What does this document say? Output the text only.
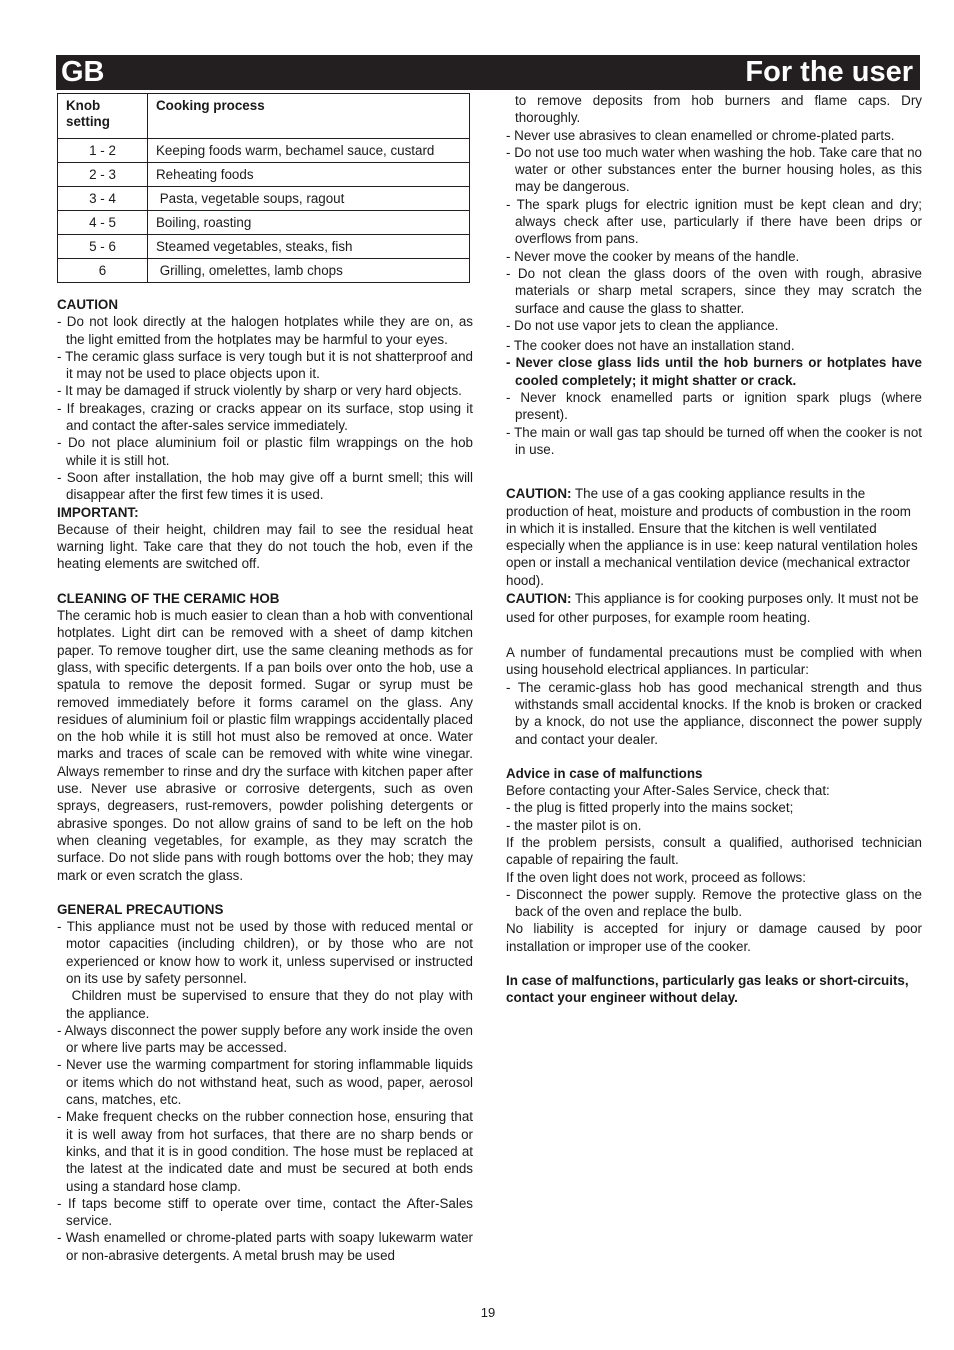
GB	For the user
Knob
setting	Cooking process
1 - 2	Keeping foods warm, bechamel sauce, custard
2 - 3	Reheating foods
3 - 4	Pasta, vegetable soups, ragout
4 - 5	Boiling, roasting
5 - 6	Steamed vegetables, steaks, fish
6	Grilling, omelettes, lamb chops

CAUTION

- Do not look directly at the halogen hotplates while they are on, as the light emitted from the hotplates may be harmful to your eyes.

- The ceramic glass surface is very tough but it is not shatterproof and it may not be used to place objects upon it.

- It may be damaged if struck violently by sharp or very hard objects.

- If breakages, crazing or cracks appear on its surface, stop using it and contact the after-sales service immediately.

- Do not place aluminium foil or plastic film wrappings on the hob while it is still hot.

- Soon after installation, the hob may give off a burnt smell; this will disappear after the first few times it is used.

IMPORTANT:

Because of their height, children may fail to see the residual heat warning light. Take care that they do not touch the hob, even if the heating elements are switched off.

CLEANING OF THE CERAMIC HOB

The ceramic hob is much easier to clean than a hob with conventional hotplates. Light dirt can be removed with a sheet of damp kitchen paper. To remove tougher dirt, use the same cleaning methods as for glass, with specific detergents. If a pan boils over onto the hob, use a spatula to remove the deposit formed. Sugar or syrup must be removed immediately before it forms caramel on the glass. Any residues of aluminium foil or plastic film wrappings accidentally placed on the hob while it is still hot must also be removed at once. Water marks and traces of scale can be removed with white wine vinegar. Always remember to rinse and dry the surface with kitchen paper after use. Never use abrasive or corrosive detergents, such as oven sprays, degreasers, rust-removers, powder polishing detergents or abrasive sponges. Do not allow grains of sand to be left on the hob when cleaning vegetables, for example, as they may scratch the surface. Do not slide pans with rough bottoms over the hob; they may mark or even scratch the glass.

GENERAL PRECAUTIONS

- This appliance must not be used by those with reduced mental or motor capacities (including children), or by those who are not experienced or know how to work it, unless supervised or instructed on its use by safety personnel.

Children must be supervised to ensure that they do not play with the appliance.

- Always disconnect the power supply before any work inside the oven or where live parts may be accessed.

- Never use the warming compartment for storing inflammable liquids or items which do not withstand heat, such as wood, paper, aerosol cans, matches, etc.

- Make frequent checks on the rubber connection hose, ensuring that it is well away from hot surfaces, that there are no sharp bends or kinks, and that it is in good condition. The hose must be replaced at the latest at the indicated date and must be secured at both ends using a standard hose clamp.

- If taps become stiff to operate over time, contact the After-Sales service.

- Wash enamelled or chrome-plated parts with soapy lukewarm water or non-abrasive detergents. A metal brush may be used

to remove deposits from hob burners and flame caps. Dry thoroughly.

- Never use abrasives to clean enamelled or chrome-plated parts.

- Do not use too much water when washing the hob. Take care that no water or other substances enter the burner housing holes, as this may be dangerous.

- The spark plugs for electric ignition must be kept clean and dry; always check after use, particularly if there have been drips or overflows from pans.

- Never move the cooker by means of the handle.

- Do not clean the glass doors of the oven with rough, abrasive materials or sharp metal scrapers, since they may scratch the surface and cause the glass to shatter.

- Do not use vapor jets to clean the appliance.

- The cooker does not have an installation stand.

- Never close glass lids until the hob burners or hotplates have cooled completely; it might shatter or crack.

- Never knock enamelled parts or ignition spark plugs (where present).

- The main or wall gas tap should be turned off when the cooker is not in use.

CAUTION: The use of a gas cooking appliance results in the production of heat, moisture and products of combustion in the room in which it is installed. Ensure that the kitchen is well ventilated especially when the appliance is in use: keep natural ventilation holes open or install a mechanical ventilation device (mechanical extractor hood).

CAUTION: This appliance is for cooking purposes only. It must not be used for other purposes, for example room heating.

A number of fundamental precautions must be complied with when using household electrical appliances. In particular:

- The ceramic-glass hob has good mechanical strength and thus withstands small accidental knocks. If the knob is broken or cracked by a knock, do not use the appliance, disconnect the power supply and contact your dealer.

Advice in case of malfunctions

Before contacting your After-Sales Service, check that:

- the plug is fitted properly into the mains socket;

- the master pilot is on.

If the problem persists, consult a qualified, authorised technician capable of repairing the fault.

If the oven light does not work, proceed as follows:

- Disconnect the power supply. Remove the protective glass on the back of the oven and replace the bulb.

No liability is accepted for injury or damage caused by poor installation or improper use of the cooker.

In case of malfunctions, particularly gas leaks or short-circuits, contact your engineer without delay.

19
